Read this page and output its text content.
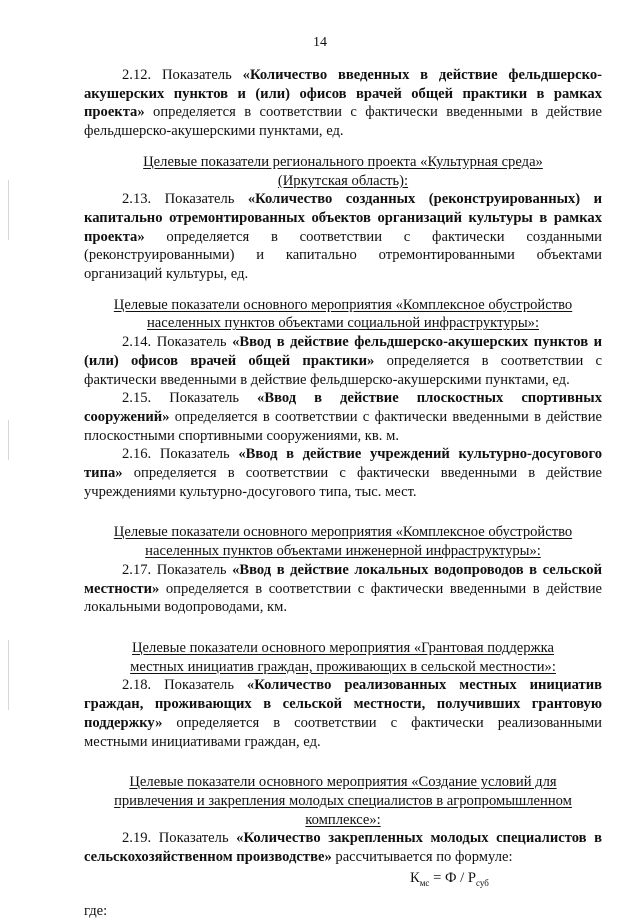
14

2.12. Показатель «Количество введенных в действие фельдшерско-акушерских пунктов и (или) офисов врачей общей практики в рамках проекта» определяется в соответствии с фактически введенными в действие фельдшерско-акушерскими пунктами, ед.

Целевые показатели регионального проекта «Культурная среда»
(Иркутская область):

2.13. Показатель «Количество созданных (реконструированных) и капитально отремонтированных объектов организаций культуры в рамках проекта» определяется в соответствии с фактически созданными (реконструированными) и капитально отремонтированными объектами организаций культуры, ед.

Целевые показатели основного мероприятия «Комплексное обустройство
населенных пунктов объектами социальной инфраструктуры»:

2.14. Показатель «Ввод в действие фельдшерско-акушерских пунктов и (или) офисов врачей общей практики» определяется в соответствии с фактически введенными в действие фельдшерско-акушерскими пунктами, ед.

2.15. Показатель «Ввод в действие плоскостных спортивных сооружений» определяется в соответствии с фактически введенными в действие плоскостными спортивными сооружениями, кв. м.

2.16. Показатель «Ввод в действие учреждений культурно-досугового типа» определяется в соответствии с фактически введенными в действие учреждениями культурно-досугового типа, тыс. мест.

Целевые показатели основного мероприятия «Комплексное обустройство
населенных пунктов объектами инженерной инфраструктуры»:

2.17. Показатель «Ввод в действие локальных водопроводов в сельской местности» определяется в соответствии с фактически введенными в действие локальными водопроводами, км.

Целевые показатели основного мероприятия «Грантовая поддержка
местных инициатив граждан, проживающих в сельской местности»:

2.18. Показатель «Количество реализованных местных инициатив граждан, проживающих в сельской местности, получивших грантовую поддержку» определяется в соответствии с фактически реализованными местными инициативами граждан, ед.

Целевые показатели основного мероприятия «Создание условий для
привлечения и закрепления молодых специалистов в агропромышленном
комплексе»:

2.19. Показатель «Количество закрепленных молодых специалистов в сельскохозяйственном производстве» рассчитывается по формуле:

$К_{мс} = Ф / Р_{суб}$

где:
